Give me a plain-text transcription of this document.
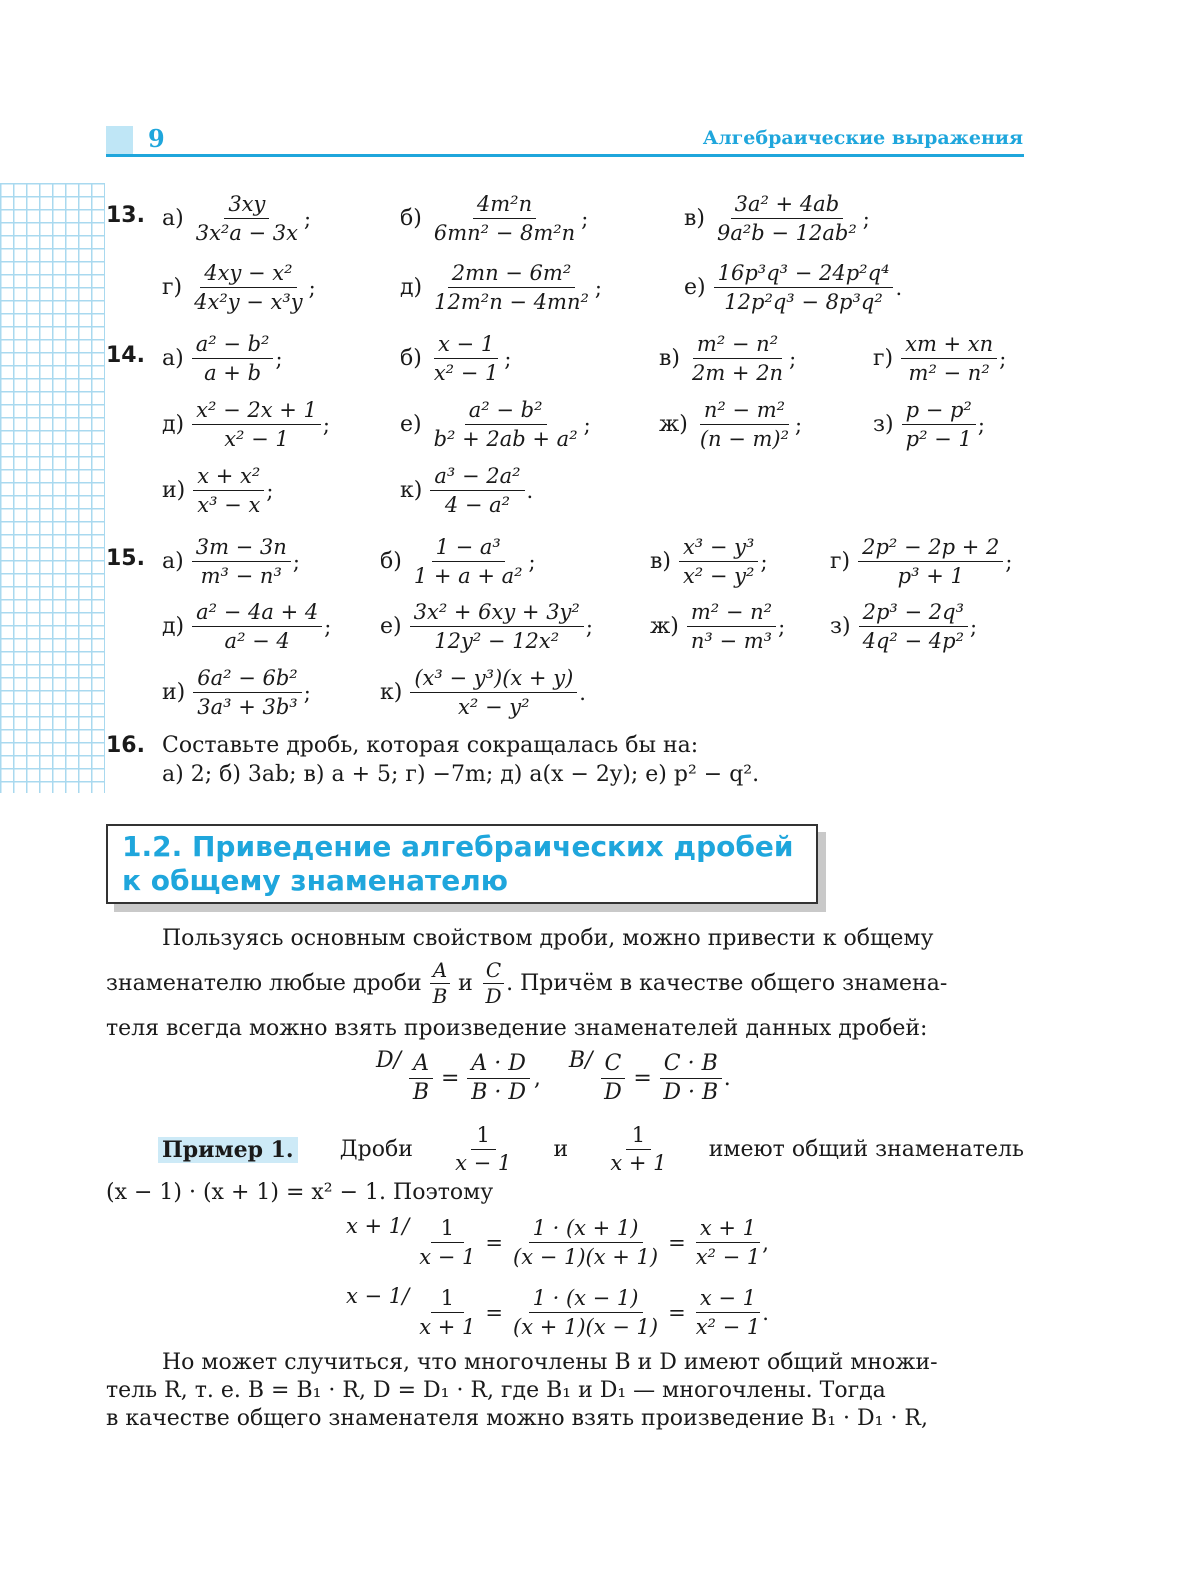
9	Алгебраические выражения
13.
14.
15.
$а) \frac{3xy}{\text{3x²a − 3x}}$ ;	$б) \frac{\text{4m²n}}{\text{6mn² − 8m²n}}$ ;	$в) \frac{\text{3a² + 4ab}}{\text{9a²b − 12ab²}}$ ;
$г) \frac{\text{4xy − x²}}{\text{4x²y − x³y}}$ ;	$д) \frac{\text{2mn − 6m²}}{\text{12m²n − 4mn²}}$ ;	$е) \frac{\text{16p³q³ − 24p²q⁴}}{\text{12p²q³ − 8p³q²}}$ .
$а) \frac{\text{a² − b²}}{a + b}$ ;	$б) \frac{x - 1}{\text{x² − 1}}$ ;	$в) \frac{\text{m² − n²}}{2m + 2n}$ ;	$г) \frac{xm + xn}{\text{m² − n²}}$ ;
$д) \frac{\text{x² − 2x + 1}}{\text{x² − 1}}$ ;	$е) \frac{\text{a² − b²}}{\text{b² + 2ab + a²}}$ ;	$ж) \frac{\text{n² − m²}}{\text{(n − m)²}}$ ;	$з) \frac{\text{p − p²}}{\text{p² − 1}}$ ;
$и) \frac{\text{x + x²}}{\text{x³ − x}}$ ;	$к) \frac{\text{a³ − 2a²}}{\text{4 − a²}}$ .
$а) \frac{3m - 3n}{\text{m³ − n³}}$ ;	$б) \frac{\text{1 − a³}}{\text{1 + a + a²}}$ ;	$в) \frac{\text{x³ − y³}}{\text{x² − y²}}$ ;	$г) \frac{\text{2p² − 2p + 2}}{\text{p³ + 1}}$ ;
$д) \frac{\text{a² − 4a + 4}}{\text{a² − 4}}$ ; $е) \frac{\text{3x² + 6xy + 3y²}}{\text{12y² − 12x²}}$ ;	$ж) \frac{\text{m² − n²}}{\text{n³ − m³}}$ ; $з) \frac{\text{2p³ − 2q³}}{\text{4q² − 4p²}}$ ;
$и) \frac{\text{6a² − 6b²}}{\text{3a³ + 3b³}}$ ;	$к) \frac{\text{(x³ − y³)(x + y)}}{\text{x² − y²}}$ .
16. Составьте дробь, которая сокращалась бы на:
а) 2; б) 3ab; в) a + 5; г) −7m; д) a(x − 2y); е) p² − q².
1.2. Приведение алгебраических дробей
к общему знаменателю
Пользуясь основным свойством дроби, можно привести к общему
знаменателю любые дроби $\frac{A}{B}$ и $\frac{C}{D}$ . Причём в качестве общего знамена-
теля всегда можно взять произведение знаменателей данных дробей:
$D/ \frac{A}{B} = \frac{A \cdot D}{B \cdot D}$ ,
$B/ \frac{C}{D} = \frac{C \cdot B}{D \cdot B}$ .
Пример 1. Дроби $\frac{1}{x - 1}$ и $\frac{1}{x + 1}$ имеют общий знаменатель
(x − 1) · (x + 1) = x² − 1. Поэтому
$x + 1/ \frac{1}{x - 1} = \frac{1 \cdot (x + 1)}{(x - 1)(x + 1)} = \frac{x + 1}{\text{x² − 1}}$ ,
$x - 1/ \frac{1}{x + 1} = \frac{1 \cdot (x - 1)}{(x + 1)(x - 1)} = \frac{x - 1}{\text{x² − 1}}$ .
Но может случиться, что многочлены B и D имеют общий множи-
тель R, т. е. B = B₁ · R, D = D₁ · R, где B₁ и D₁ — многочлены. Тогда
в качестве общего знаменателя можно взять произведение B₁ · D₁ · R,
